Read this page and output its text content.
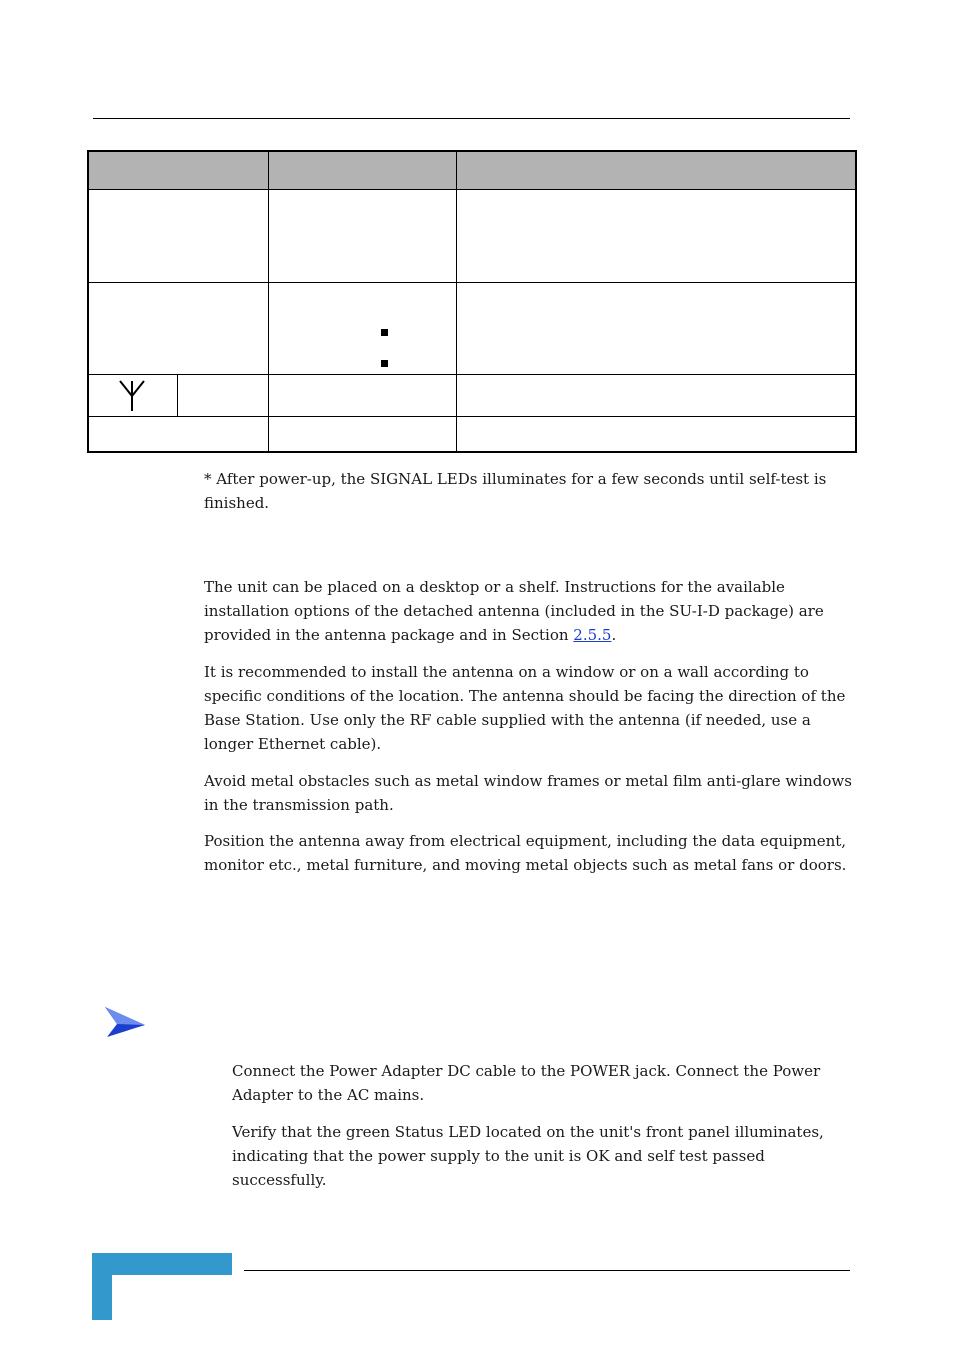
* After power-up, the SIGNAL LEDs illuminates for a few seconds until self-test is finished.

The unit can be placed on a desktop or a shelf. Instructions for the available installation options of the detached antenna (included in the SU-I-D package) are provided in the antenna package and in Section 2.5.5.

It is recommended to install the antenna on a window or on a wall according to specific conditions of the location. The antenna should be facing the direction of the Base Station. Use only the RF cable supplied with the antenna (if needed, use a longer Ethernet cable).

Avoid metal obstacles such as metal window frames or metal film anti-glare windows in the transmission path.

Position the antenna away from electrical equipment, including the data equipment, monitor etc., metal furniture, and moving metal objects such as metal fans or doors.

Connect the Power Adapter DC cable to the POWER jack. Connect the Power Adapter to the AC mains.

Verify that the green Status LED located on the unit's front panel illuminates, indicating that the power supply to the unit is OK and self test passed successfully.
